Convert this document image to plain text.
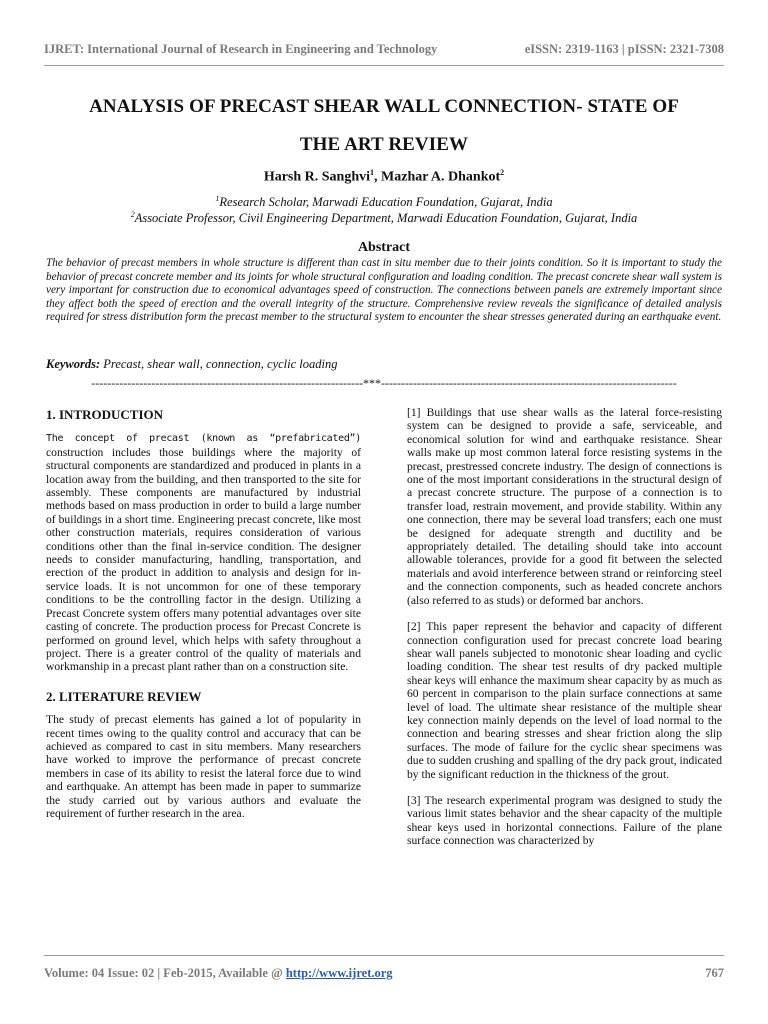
IJRET: International Journal of Research in Engineering and Technology	eISSN: 2319-1163 | pISSN: 2321-7308
ANALYSIS OF PRECAST SHEAR WALL CONNECTION- STATE OF
THE ART REVIEW
Harsh R. Sanghvi$^1$, Mazhar A. Dhankot$^2$
$^1$Research Scholar, Marwadi Education Foundation, Gujarat, India
$^2$Associate Professor, Civil Engineering Department, Marwadi Education Foundation, Gujarat, India
Abstract
The behavior of precast members in whole structure is different than cast in situ member due to their joints condition. So it is important to study the behavior of precast concrete member and its joints for whole structural configuration and loading condition. The precast concrete shear wall system is very important for construction due to economical advantages speed of construction. The connections between panels are extremely important since they affect both the speed of erection and the overall integrity of the structure. Comprehensive review reveals the significance of detailed analysis required for stress distribution form the precast member to the structural system to encounter the shear stresses generated during an earthquake event.
Keywords: Precast, shear wall, connection, cyclic loading
--------------------------------------------------------------------***--------------------------------------------------------------------------
1. INTRODUCTION

The concept of precast (known as “prefabricated”) construction includes those buildings where the majority of structural components are standardized and produced in plants in a location away from the building, and then transported to the site for assembly. These components are manufactured by industrial methods based on mass production in order to build a large number of buildings in a short time. Engineering precast concrete, like most other construction materials, requires consideration of various conditions other than the final in-service condition. The designer needs to consider manufacturing, handling, transportation, and erection of the product in addition to analysis and design for in-service loads. It is not uncommon for one of these temporary conditions to be the controlling factor in the design. Utilizing a Precast Concrete system offers many potential advantages over site casting of concrete. The production process for Precast Concrete is performed on ground level, which helps with safety throughout a project. There is a greater control of the quality of materials and workmanship in a precast plant rather than on a construction site.

2. LITERATURE REVIEW

The study of precast elements has gained a lot of popularity in recent times owing to the quality control and accuracy that can be achieved as compared to cast in situ members. Many researchers have worked to improve the performance of precast concrete members in case of its ability to resist the lateral force due to wind and earthquake. An attempt has been made in paper to summarize the study carried out by various authors and evaluate the requirement of further research in the area.

[1] Buildings that use shear walls as the lateral force-resisting system can be designed to provide a safe, serviceable, and economical solution for wind and earthquake resistance. Shear walls make up most common lateral force resisting systems in the precast, prestressed concrete industry. The design of connections is one of the most important considerations in the structural design of a precast concrete structure. The purpose of a connection is to transfer load, restrain movement, and provide stability. Within any one connection, there may be several load transfers; each one must be designed for adequate strength and ductility and be appropriately detailed. The detailing should take into account allowable tolerances, provide for a good fit between the selected materials and avoid interference between strand or reinforcing steel and the connection components, such as headed concrete anchors (also referred to as studs) or deformed bar anchors.

[2] This paper represent the behavior and capacity of different connection configuration used for precast concrete load bearing shear wall panels subjected to monotonic shear loading and cyclic loading condition. The shear test results of dry packed multiple shear keys will enhance the maximum shear capacity by as much as 60 percent in comparison to the plain surface connections at same level of load. The ultimate shear resistance of the multiple shear key connection mainly depends on the level of load normal to the connection and bearing stresses and shear friction along the slip surfaces. The mode of failure for the cyclic shear specimens was due to sudden crushing and spalling of the dry pack grout, indicated by the significant reduction in the thickness of the grout.

[3] The research experimental program was designed to study the various limit states behavior and the shear capacity of the multiple shear keys used in horizontal connections. Failure of the plane surface connection was characterized by

Volume: 04 Issue: 02 | Feb-2015, Available @ http://www.ijret.org	767
